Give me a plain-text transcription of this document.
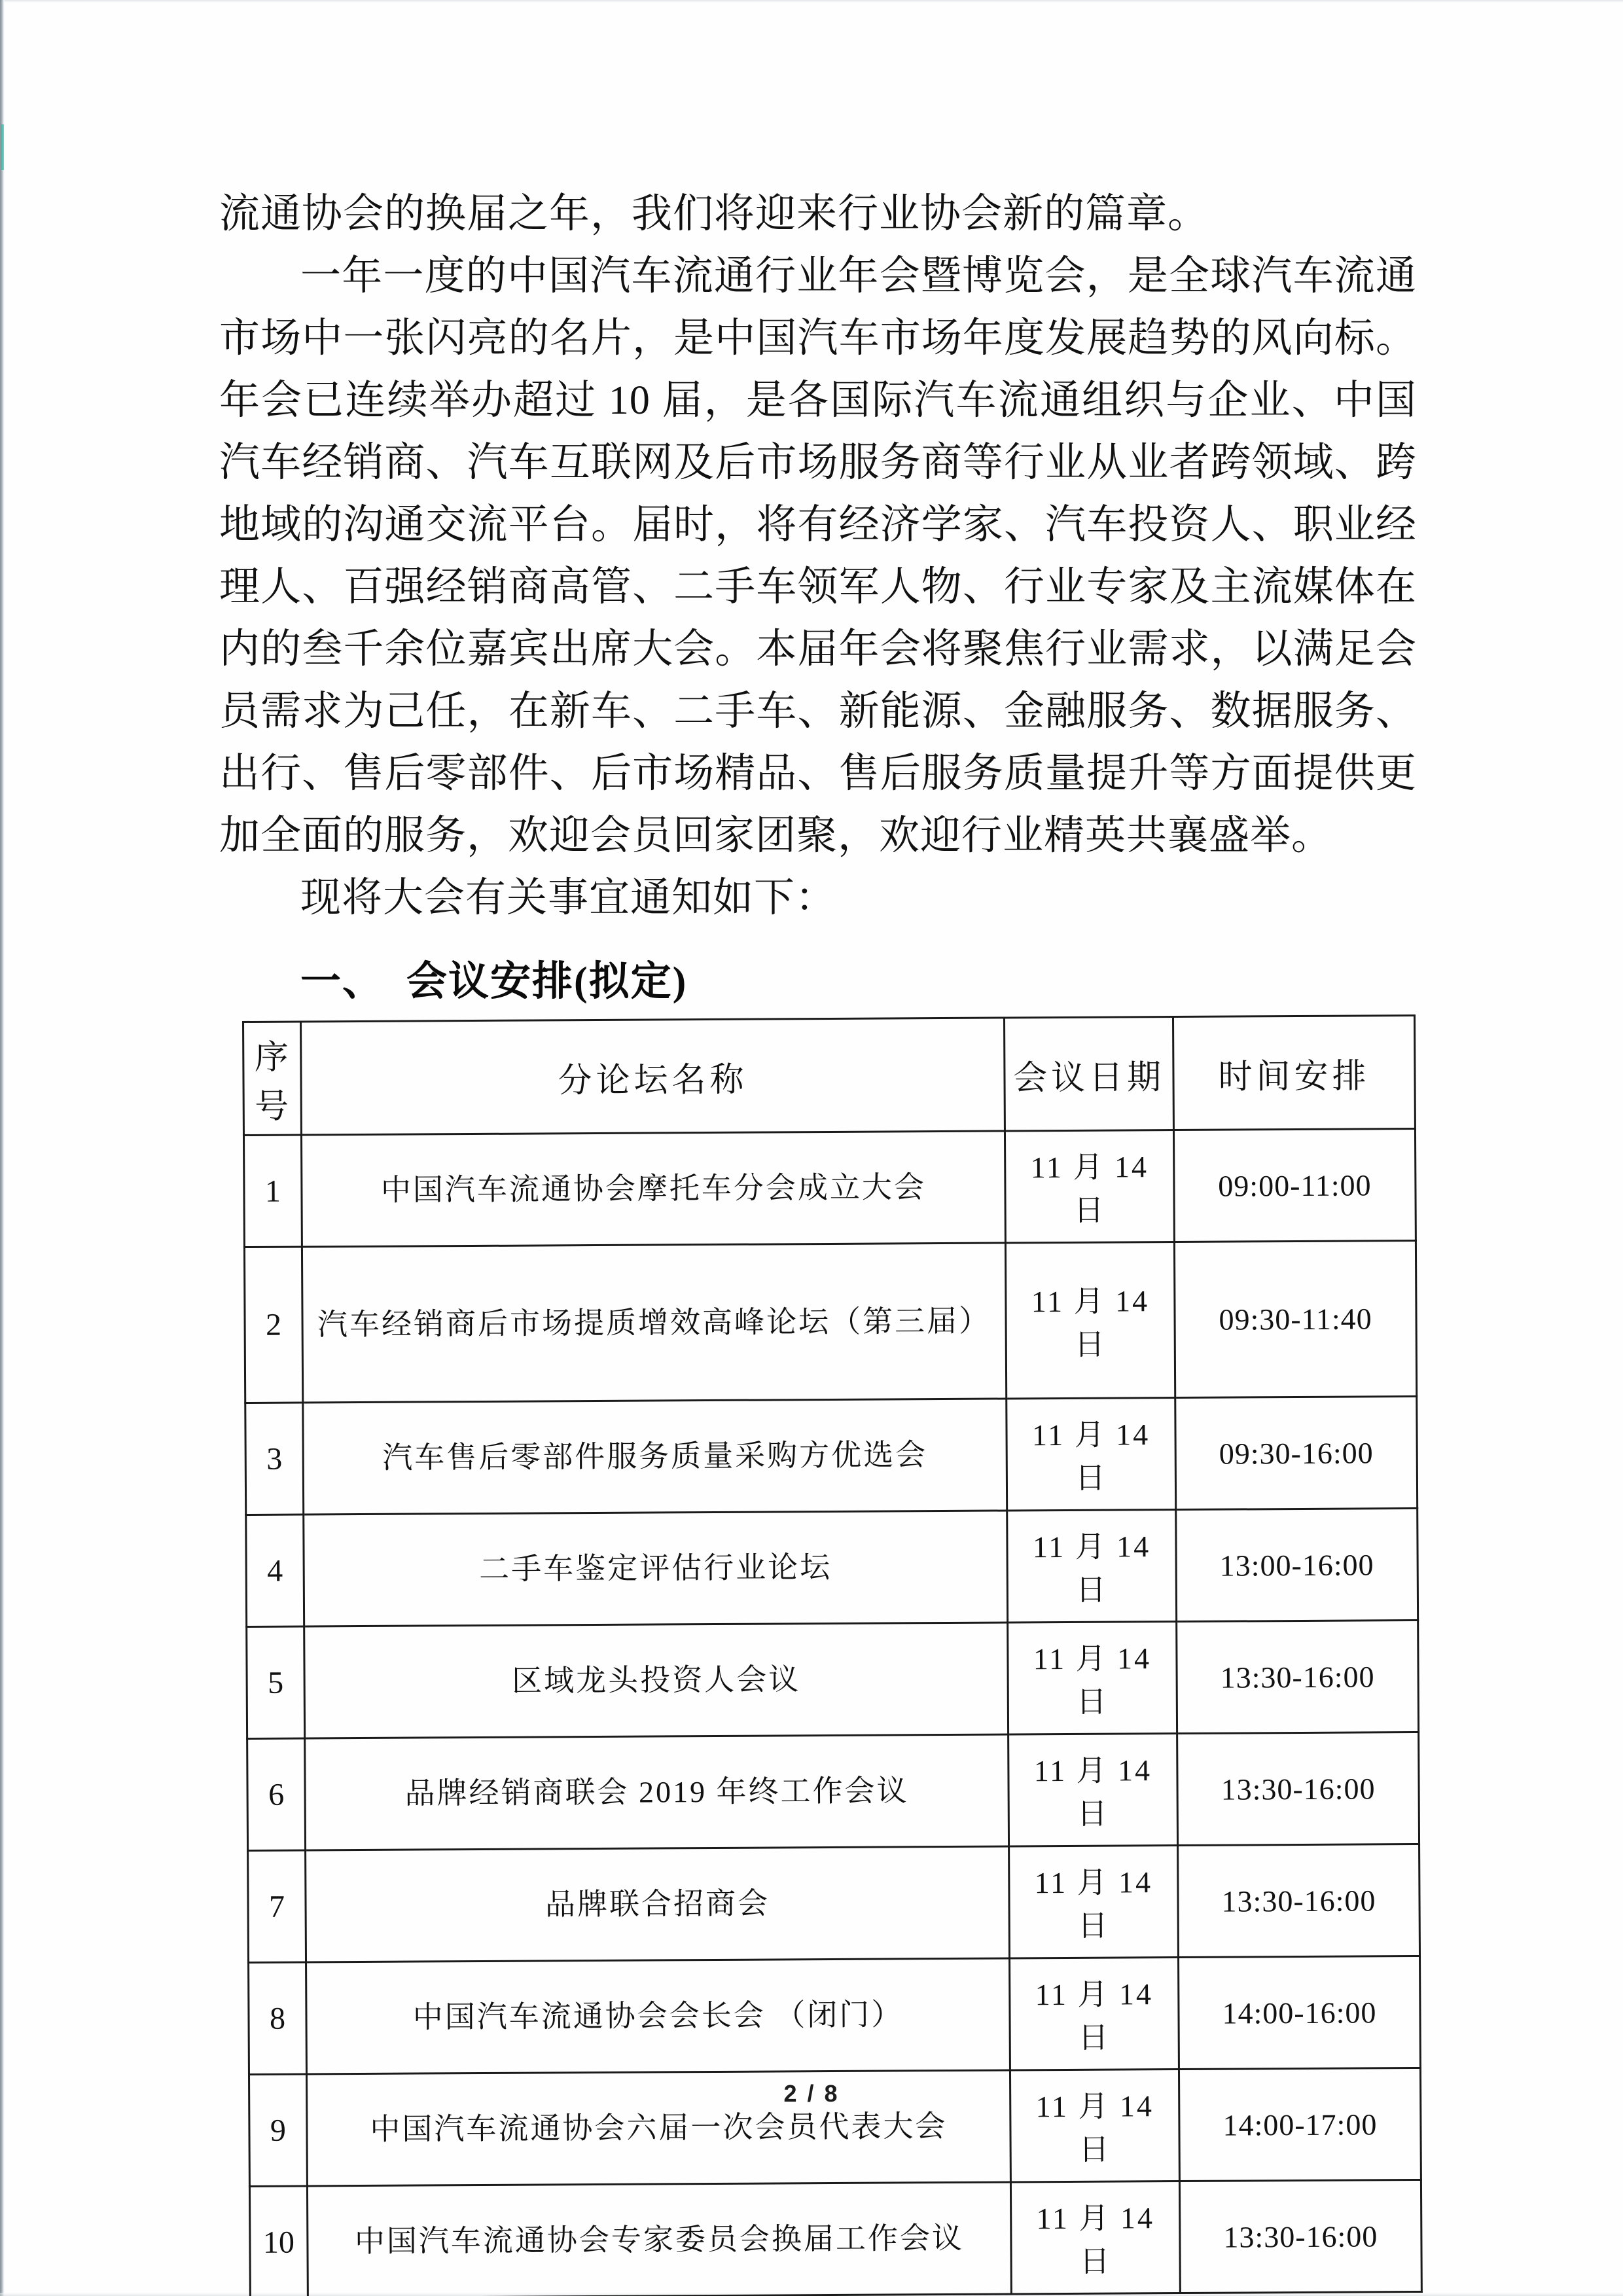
流通协会的换届之年，我们将迎来行业协会新的篇章。

一年一度的中国汽车流通行业年会暨博览会，是全球汽车流通市场中一张闪亮的名片，是中国汽车市场年度发展趋势的风向标。年会已连续举办超过 10 届，是各国际汽车流通组织与企业、中国汽车经销商、汽车互联网及后市场服务商等行业从业者跨领域、跨地域的沟通交流平台。届时，将有经济学家、汽车投资人、职业经理人、百强经销商高管、二手车领军人物、行业专家及主流媒体在内的叁千余位嘉宾出席大会。本届年会将聚焦行业需求，以满足会员需求为己任，在新车、二手车、新能源、金融服务、数据服务、出行、售后零部件、后市场精品、售后服务质量提升等方面提供更加全面的服务，欢迎会员回家团聚，欢迎行业精英共襄盛举。

现将大会有关事宜通知如下：

一、 会议安排(拟定)
序号	分论坛名称	会议日期	时间安排
1	中国汽车流通协会摩托车分会成立大会	11 月 14 日	09:00-11:00
2	汽车经销商后市场提质增效高峰论坛（第三届）	11 月 14 日	09:30-11:40
3	汽车售后零部件服务质量采购方优选会	11 月 14 日	09:30-16:00
4	二手车鉴定评估行业论坛	11 月 14 日	13:00-16:00
5	区域龙头投资人会议	11 月 14 日	13:30-16:00
6	品牌经销商联会 2019 年终工作会议	11 月 14 日	13:30-16:00
7	品牌联合招商会	11 月 14 日	13:30-16:00
8	中国汽车流通协会会长会 （闭门）	11 月 14 日	14:00-16:00
9	中国汽车流通协会六届一次会员代表大会	11 月 14 日	14:00-17:00
10	中国汽车流通协会专家委员会换届工作会议	11 月 14 日	13:30-16:00
2 / 8
